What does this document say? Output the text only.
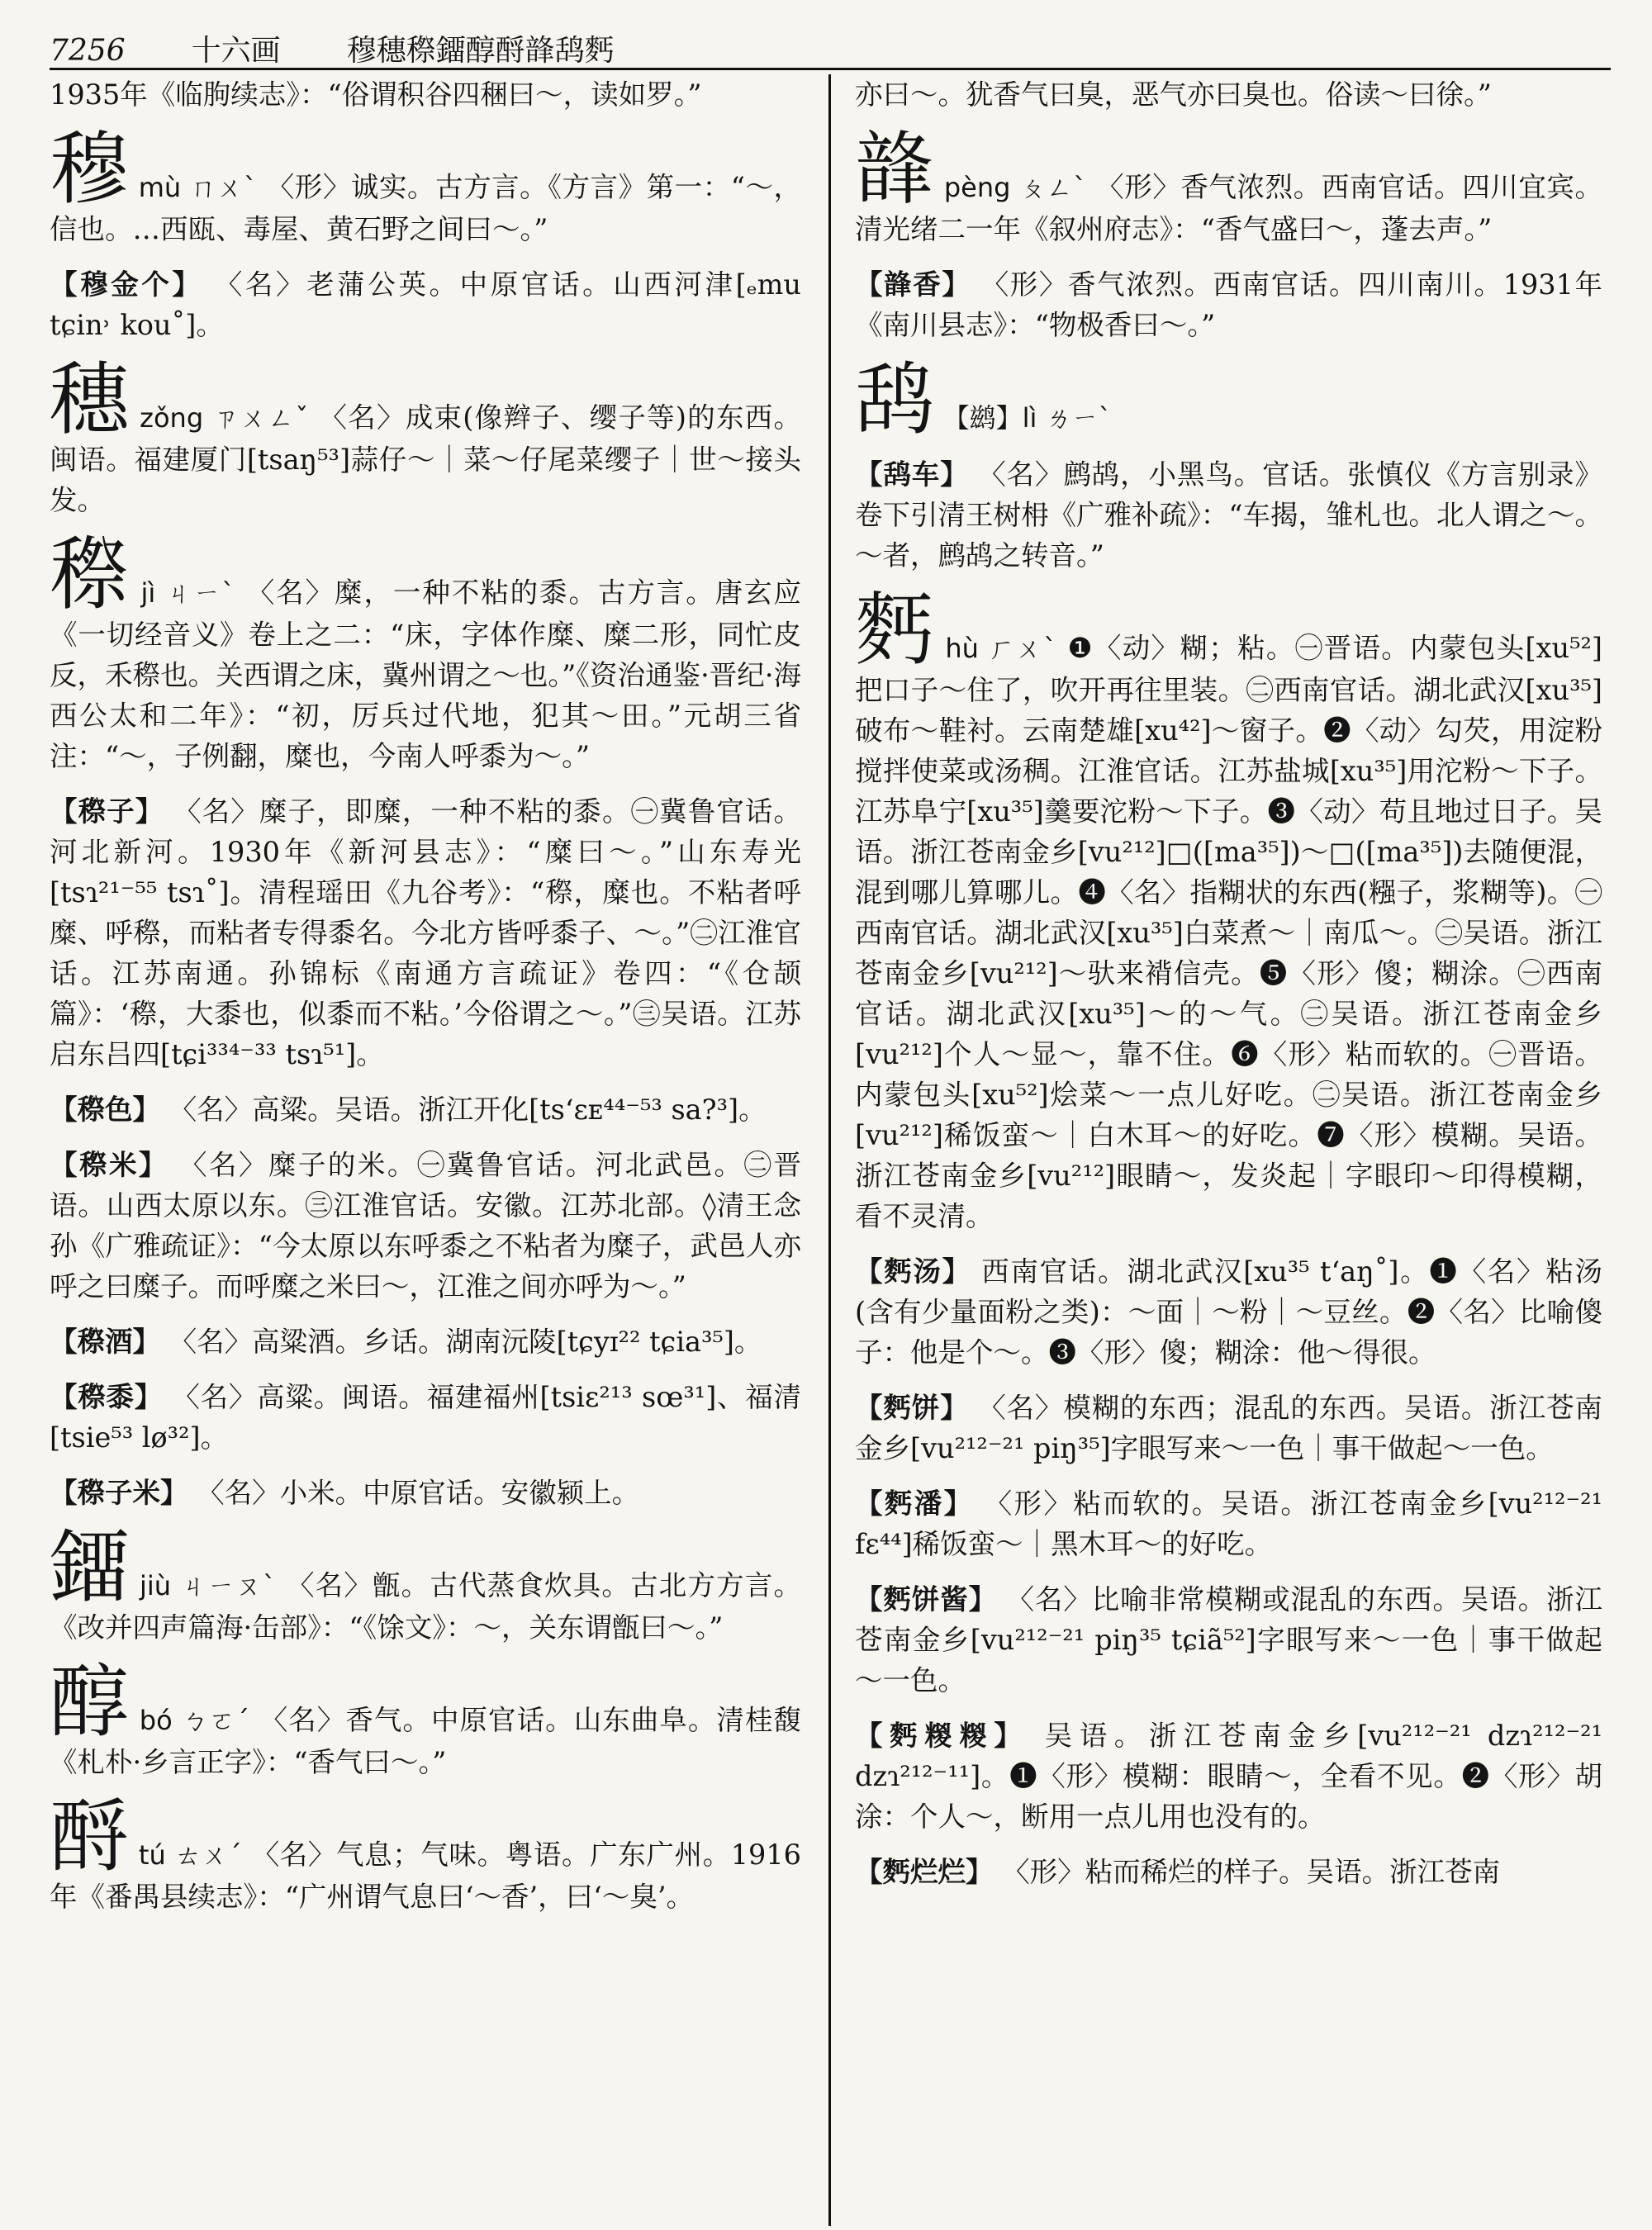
7256 十六画 穆穗穄鐂醇酹韸鸹麫

1935年《临朐续志》：“俗谓积谷四稇曰～，读如罗。”

穆 mù ㄇㄨˋ 〈形〉诚实。古方言。《方言》第一：“～，信也。…西瓯、毒屋、黄石野之间曰～。”
【穆金个】 〈名〉老蒲公英。中原官话。山西河津[ₑmu tɕin˒ kou˚]。
穗 zǒng ㄗㄨㄥˇ 〈名〉成束(像辫子、缨子等)的东西。闽语。福建厦门[tsaŋ⁵³]蒜仔～｜菜～仔尾菜缨子｜世～接头发。
穄 jì ㄐㄧˋ 〈名〉糜，一种不粘的黍。古方言。唐玄应《一切经音义》卷上之二：“床，字体作糜、糜二形，同忙皮反，禾穄也。关西谓之床，冀州谓之～也。”《资治通鉴·晋纪·海西公太和二年》：“初，厉兵过代地，犯其～田。”元胡三省注：“～，子例翻，糜也，今南人呼黍为～。”
【穄子】 〈名〉糜子，即糜，一种不粘的黍。㊀冀鲁官话。河北新河。1930年《新河县志》：“糜曰～。”山东寿光[tsɿ²¹⁻⁵⁵ tsɿ˚]。清程瑶田《九谷考》：“穄，糜也。不粘者呼糜、呼穄，而粘者专得黍名。今北方皆呼黍子、～。”㊁江淮官话。江苏南通。孙锦标《南通方言疏证》卷四：“《仓颉篇》：‘穄，大黍也，似黍而不粘。’今俗谓之～。”㊂吴语。江苏启东吕四[tɕi³³⁴⁻³³ tsɿ⁵¹]。
【穄色】 〈名〉高粱。吴语。浙江开化[tsʻɛᴇ⁴⁴⁻⁵³ sa?³]。
【穄米】 〈名〉糜子的米。㊀冀鲁官话。河北武邑。㊁晋语。山西太原以东。㊂江淮官话。安徽。江苏北部。◊清王念孙《广雅疏证》：“今太原以东呼黍之不粘者为糜子，武邑人亦呼之曰糜子。而呼糜之米曰～，江淮之间亦呼为～。”
【穄酒】 〈名〉高粱酒。乡话。湖南沅陵[tɕyɪ²² tɕia³⁵]。
【穄黍】 〈名〉高粱。闽语。福建福州[tsiɛ²¹³ sœ³¹]、福清[tsie⁵³ lø³²]。
【穄子米】 〈名〉小米。中原官话。安徽颍上。
鐂 jiù ㄐㄧㄡˋ 〈名〉甑。古代蒸食炊具。古北方方言。《改并四声篇海·缶部》：“《馀文》：～，关东谓甑曰～。”
醇 bó ㄅㄛˊ 〈名〉香气。中原官话。山东曲阜。清桂馥《札朴·乡言正字》：“香气曰～。”
酹 tú ㄊㄨˊ 〈名〉气息；气味。粤语。广东广州。1916年《番禺县续志》：“广州谓气息曰‘～香’，曰‘～臭’。

亦曰～。犹香气曰臭，恶气亦曰臭也。俗读～曰徐。”

韸 pèng ㄆㄥˋ 〈形〉香气浓烈。西南官话。四川宜宾。清光绪二一年《叙州府志》：“香气盛曰～，蓬去声。”
【韸香】 〈形〉香气浓烈。西南官话。四川南川。1931年《南川县志》：“物极香曰～。”
鸹 【鹚】lì ㄌㄧˋ
【鸹车】 〈名〉鹧鸪，小黑鸟。官话。张慎仪《方言别录》卷下引清王树枏《广雅补疏》：“车揭，雏札也。北人谓之～。～者，鹧鸪之转音。”
麫 hù ㄏㄨˋ ❶〈动〉糊；粘。㊀晋语。内蒙包头[xu⁵²]把口子～住了，吹开再往里装。㊁西南官话。湖北武汉[xu³⁵]破布～鞋衬。云南楚雄[xu⁴²]～窗子。❷〈动〉勾芡，用淀粉搅拌使菜或汤稠。江淮官话。江苏盐城[xu³⁵]用沱粉～下子。江苏阜宁[xu³⁵]羹要沱粉～下子。❸〈动〉苟且地过日子。吴语。浙江苍南金乡[vu²¹²]□([ma³⁵])～□([ma³⁵])去随便混，混到哪儿算哪儿。❹〈名〉指糊状的东西(糨子，浆糊等)。㊀西南官话。湖北武汉[xu³⁵]白菜煮～｜南瓜～。㊁吴语。浙江苍南金乡[vu²¹²]～驮来褙信壳。❺〈形〉傻；糊涂。㊀西南官话。湖北武汉[xu³⁵]～的～气。㊁吴语。浙江苍南金乡[vu²¹²]个人～显～，靠不住。❻〈形〉粘而软的。㊀晋语。内蒙包头[xu⁵²]烩菜～一点儿好吃。㊁吴语。浙江苍南金乡[vu²¹²]稀饭蛮～｜白木耳～的好吃。❼〈形〉模糊。吴语。浙江苍南金乡[vu²¹²]眼睛～，发炎起｜字眼印～印得模糊，看不灵清。
【麫汤】 西南官话。湖北武汉[xu³⁵ tʻaŋ˚]。❶〈名〉粘汤(含有少量面粉之类)：～面｜～粉｜～豆丝。❷〈名〉比喻傻子：他是个～。❸〈形〉傻；糊涂：他～得很。
【麫饼】 〈名〉模糊的东西；混乱的东西。吴语。浙江苍南金乡[vu²¹²⁻²¹ piŋ³⁵]字眼写来～一色｜事干做起～一色。
【麫潘】 〈形〉粘而软的。吴语。浙江苍南金乡[vu²¹²⁻²¹ fɛ⁴⁴]稀饭蛮～｜黑木耳～的好吃。
【麫饼酱】 〈名〉比喻非常模糊或混乱的东西。吴语。浙江苍南金乡[vu²¹²⁻²¹ piŋ³⁵ tɕiã⁵²]字眼写来～一色｜事干做起～一色。
【麫糉糉】 吴语。浙江苍南金乡[vu²¹²⁻²¹ dzɿ²¹²⁻²¹ dzɿ²¹²⁻¹¹]。❶〈形〉模糊：眼睛～，全看不见。❷〈形〉胡涂：个人～，断用一点儿用也没有的。
【麫烂烂】 〈形〉粘而稀烂的样子。吴语。浙江苍南
